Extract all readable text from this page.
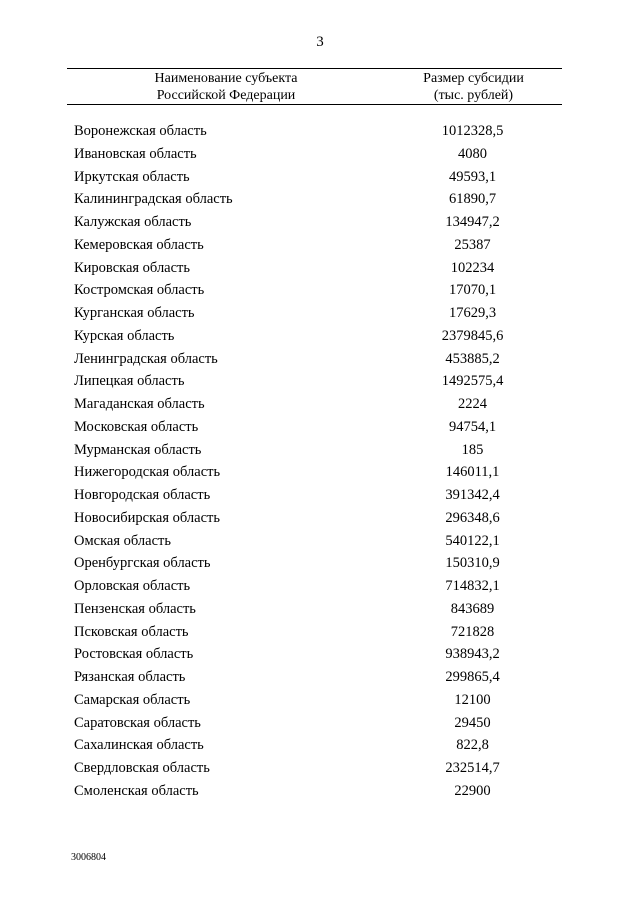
3
Наименование субъекта
Российской Федерации
Размер субсидии
(тыс. рублей)
Воронежская область	1012328,5
Ивановская область	4080
Иркутская область	49593,1
Калининградская область	61890,7
Калужская область	134947,2
Кемеровская область	25387
Кировская область	102234
Костромская область	17070,1
Курганская область	17629,3
Курская область	2379845,6
Ленинградская область	453885,2
Липецкая область	1492575,4
Магаданская область	2224
Московская область	94754,1
Мурманская область	185
Нижегородская область	146011,1
Новгородская область	391342,4
Новосибирская область	296348,6
Омская область	540122,1
Оренбургская область	150310,9
Орловская область	714832,1
Пензенская область	843689
Псковская область	721828
Ростовская область	938943,2
Рязанская область	299865,4
Самарская область	12100
Саратовская область	29450
Сахалинская область	822,8
Свердловская область	232514,7
Смоленская область	22900
3006804
